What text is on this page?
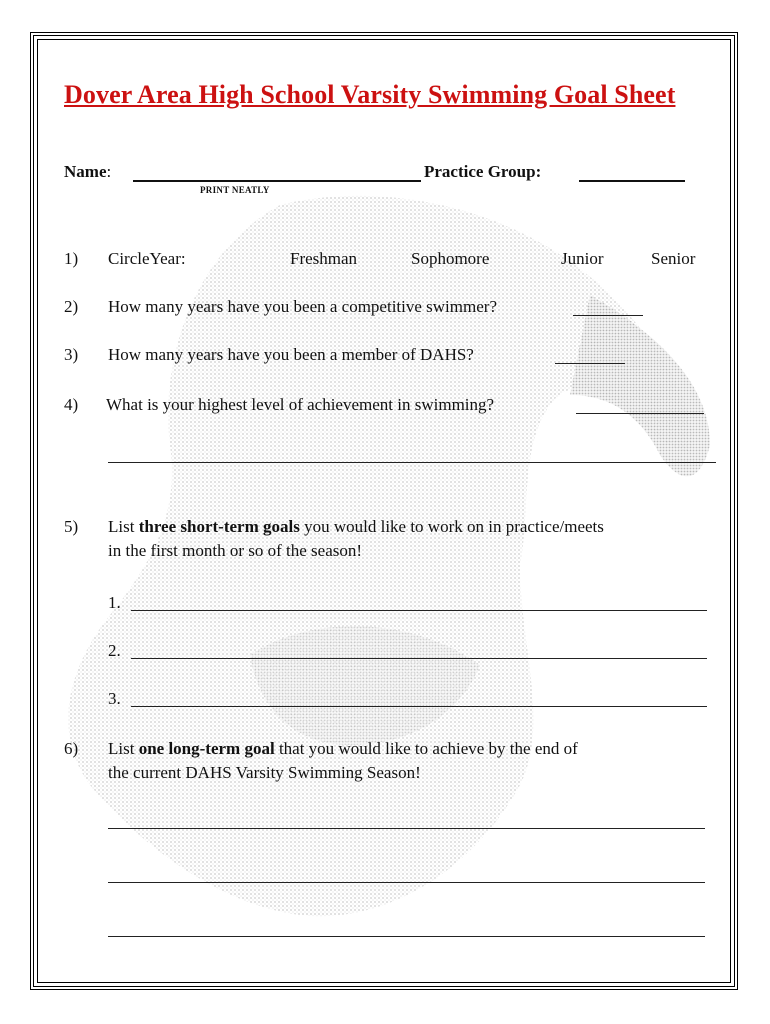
Dover Area High School Varsity Swimming Goal Sheet
Name:	Practice Group:
PRINT NEATLY
1) CircleYear:	Freshman	Sophomore	Junior	Senior
2) How many years have you been a competitive swimmer?
3) How many years have you been a member of DAHS?
4) What is your highest level of achievement in swimming?
5) List three short-term goals you would like to work on in practice/meets
in the first month or so of the season!
1.
2.
3.
6) List one long-term goal that you would like to achieve by the end of
the current DAHS Varsity Swimming Season!
